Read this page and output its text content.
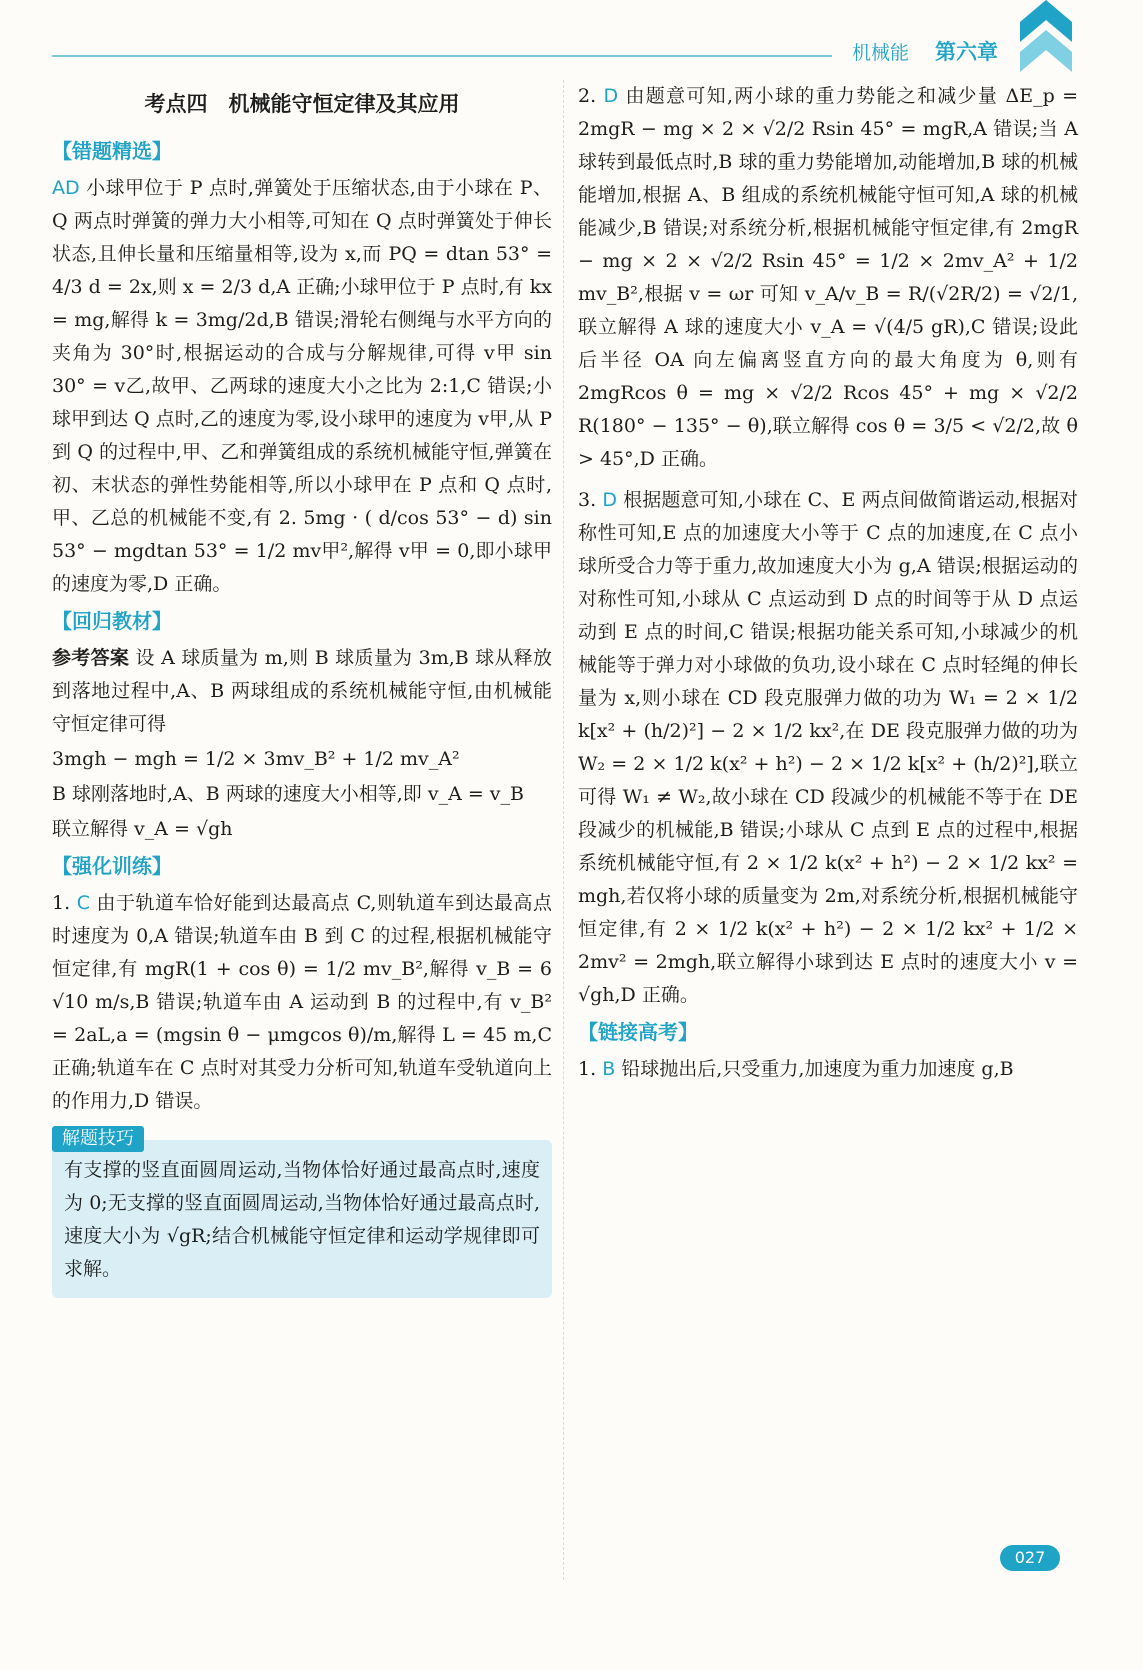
机械能 第六章
考点四　机械能守恒定律及其应用
【错题精选】

AD 小球甲位于 P 点时,弹簧处于压缩状态,由于小球在 P、Q 两点时弹簧的弹力大小相等,可知在 Q 点时弹簧处于伸长状态,且伸长量和压缩量相等,设为 x,而 PQ = dtan 53° = 4/3 d = 2x,则 x = 2/3 d,A 正确;小球甲位于 P 点时,有 kx = mg,解得 k = 3mg/2d,B 错误;滑轮右侧绳与水平方向的夹角为 30°时,根据运动的合成与分解规律,可得 v甲 sin 30° = v乙,故甲、乙两球的速度大小之比为 2:1,C 错误;小球甲到达 Q 点时,乙的速度为零,设小球甲的速度为 v甲,从 P 到 Q 的过程中,甲、乙和弹簧组成的系统机械能守恒,弹簧在初、末状态的弹性势能相等,所以小球甲在 P 点和 Q 点时,甲、乙总的机械能不变,有 2. 5mg · ( d/cos 53° − d) sin 53° − mgdtan 53° = 1/2 mv甲²,解得 v甲 = 0,即小球甲的速度为零,D 正确。

【回归教材】

参考答案 设 A 球质量为 m,则 B 球质量为 3m,B 球从释放到落地过程中,A、B 两球组成的系统机械能守恒,由机械能守恒定律可得

3mgh − mgh = 1/2 × 3mv_B² + 1/2 mv_A²

B 球刚落地时,A、B 两球的速度大小相等,即 v_A = v_B

联立解得 v_A = √gh

【强化训练】

1. C 由于轨道车恰好能到达最高点 C,则轨道车到达最高点时速度为 0,A 错误;轨道车由 B 到 C 的过程,根据机械能守恒定律,有 mgR(1 + cos θ) = 1/2 mv_B²,解得 v_B = 6 √10 m/s,B 错误;轨道车由 A 运动到 B 的过程中,有 v_B² = 2aL,a = (mgsin θ − μmgcos θ)/m,解得 L = 45 m,C 正确;轨道车在 C 点时对其受力分析可知,轨道车受轨道向上的作用力,D 错误。

解题技巧

有支撑的竖直面圆周运动,当物体恰好通过最高点时,速度为 0;无支撑的竖直面圆周运动,当物体恰好通过最高点时,速度大小为 √gR;结合机械能守恒定律和运动学规律即可求解。

2. D 由题意可知,两小球的重力势能之和减少量 ΔE_p = 2mgR − mg × 2 × √2/2 Rsin 45° = mgR,A 错误;当 A 球转到最低点时,B 球的重力势能增加,动能增加,B 球的机械能增加,根据 A、B 组成的系统机械能守恒可知,A 球的机械能减少,B 错误;对系统分析,根据机械能守恒定律,有 2mgR − mg × 2 × √2/2 Rsin 45° = 1/2 × 2mv_A² + 1/2 mv_B²,根据 v = ωr 可知 v_A/v_B = R/(√2R/2) = √2/1,联立解得 A 球的速度大小 v_A = √(4/5 gR),C 错误;设此后半径 OA 向左偏离竖直方向的最大角度为 θ,则有 2mgRcos θ = mg × √2/2 Rcos 45° + mg × √2/2 R(180° − 135° − θ),联立解得 cos θ = 3/5 < √2/2,故 θ > 45°,D 正确。

3. D 根据题意可知,小球在 C、E 两点间做简谐运动,根据对称性可知,E 点的加速度大小等于 C 点的加速度,在 C 点小球所受合力等于重力,故加速度大小为 g,A 错误;根据运动的对称性可知,小球从 C 点运动到 D 点的时间等于从 D 点运动到 E 点的时间,C 错误;根据功能关系可知,小球减少的机械能等于弹力对小球做的负功,设小球在 C 点时轻绳的伸长量为 x,则小球在 CD 段克服弹力做的功为 W₁ = 2 × 1/2 k[x² + (h/2)²] − 2 × 1/2 kx²,在 DE 段克服弹力做的功为 W₂ = 2 × 1/2 k(x² + h²) − 2 × 1/2 k[x² + (h/2)²],联立可得 W₁ ≠ W₂,故小球在 CD 段减少的机械能不等于在 DE 段减少的机械能,B 错误;小球从 C 点到 E 点的过程中,根据系统机械能守恒,有 2 × 1/2 k(x² + h²) − 2 × 1/2 kx² = mgh,若仅将小球的质量变为 2m,对系统分析,根据机械能守恒定律,有 2 × 1/2 k(x² + h²) − 2 × 1/2 kx² + 1/2 × 2mv² = 2mgh,联立解得小球到达 E 点时的速度大小 v = √gh,D 正确。

【链接高考】

1. B 铅球抛出后,只受重力,加速度为重力加速度 g,B

027
